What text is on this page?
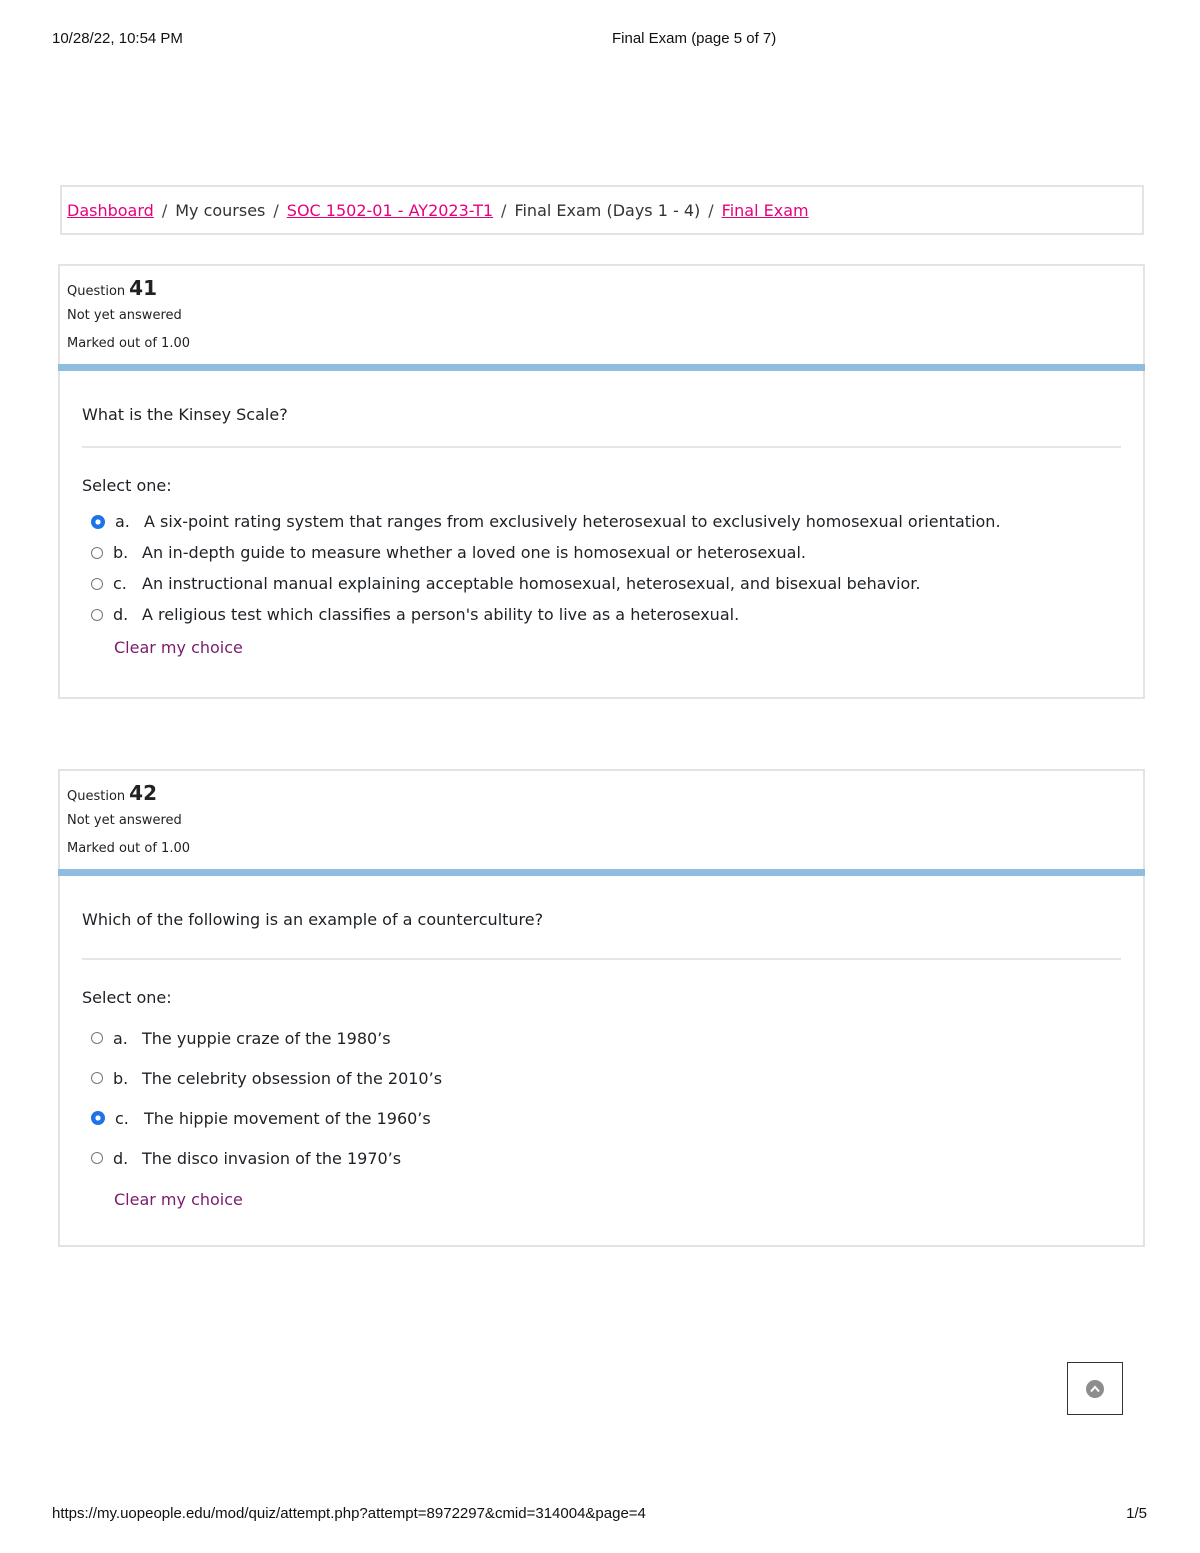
10/28/22, 10:54 PM	Final Exam (page 5 of 7)
Dashboard / My courses / SOC 1502-01 - AY2023-T1 / Final Exam (Days 1 - 4) / Final Exam
Question 41
Not yet answered
Marked out of 1.00
What is the Kinsey Scale?
Select one:
a. A six-point rating system that ranges from exclusively heterosexual to exclusively homosexual orientation.
b. An in-depth guide to measure whether a loved one is homosexual or heterosexual.
c. An instructional manual explaining acceptable homosexual, heterosexual, and bisexual behavior.
d. A religious test which classifies a person's ability to live as a heterosexual.
Clear my choice
Question 42
Not yet answered
Marked out of 1.00
Which of the following is an example of a counterculture?
Select one:
a. The yuppie craze of the 1980’s
b. The celebrity obsession of the 2010’s
c. The hippie movement of the 1960’s
d. The disco invasion of the 1970’s
Clear my choice
https://my.uopeople.edu/mod/quiz/attempt.php?attempt=8972297&cmid=314004&page=4	1/5
